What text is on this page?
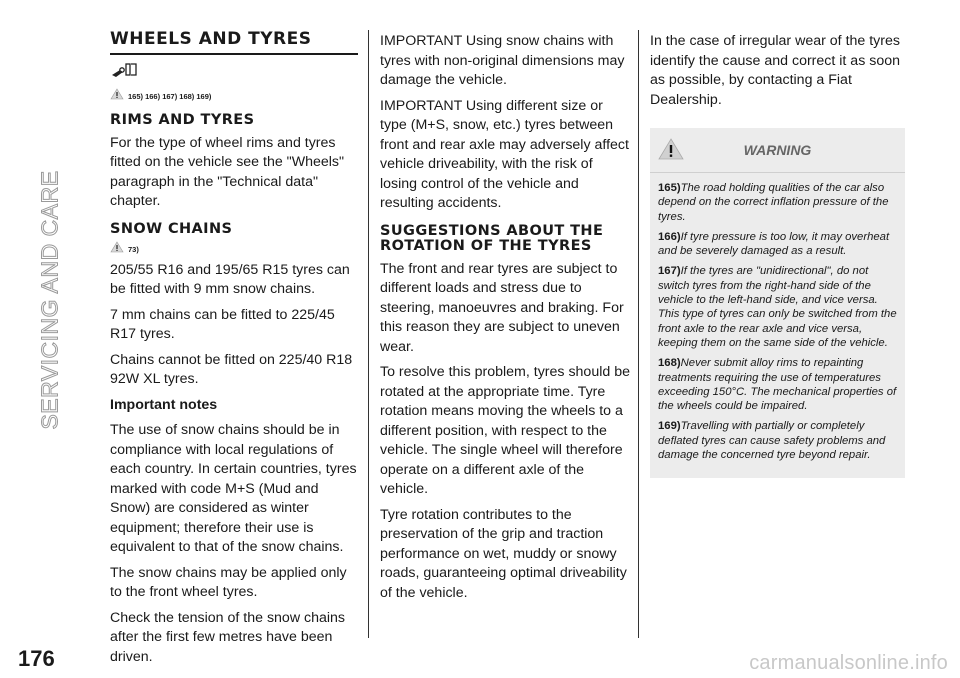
SERVICING AND CARE
176	carmanualsonline.info
WHEELS AND TYRES
165) 166) 167) 168) 169)
RIMS AND TYRES

For the type of wheel rims and tyres fitted on the vehicle see the "Wheels" paragraph in the "Technical data" chapter.

SNOW CHAINS
73)

205/55 R16 and 195/65 R15 tyres can be fitted with 9 mm snow chains.

7 mm chains can be fitted to 225/45 R17 tyres.

Chains cannot be fitted on 225/40 R18 92W XL tyres.

Important notes

The use of snow chains should be in compliance with local regulations of each country. In certain countries, tyres marked with code M+S (Mud and Snow) are considered as winter equipment; therefore their use is equivalent to that of the snow chains.

The snow chains may be applied only to the front wheel tyres.

Check the tension of the snow chains after the first few metres have been driven.

IMPORTANT Using snow chains with tyres with non-original dimensions may damage the vehicle.

IMPORTANT Using different size or type (M+S, snow, etc.) tyres between front and rear axle may adversely affect vehicle driveability, with the risk of losing control of the vehicle and resulting accidents.

SUGGESTIONS ABOUT THE ROTATION OF THE TYRES

The front and rear tyres are subject to different loads and stress due to steering, manoeuvres and braking. For this reason they are subject to uneven wear.

To resolve this problem, tyres should be rotated at the appropriate time. Tyre rotation means moving the wheels to a different position, with respect to the vehicle. The single wheel will therefore operate on a different axle of the vehicle.

Tyre rotation contributes to the preservation of the grip and traction performance on wet, muddy or snowy roads, guaranteeing optimal driveability of the vehicle.

In the case of irregular wear of the tyres identify the cause and correct it as soon as possible, by contacting a Fiat Dealership.

WARNING

165)The road holding qualities of the car also depend on the correct inflation pressure of the tyres.

166)If tyre pressure is too low, it may overheat and be severely damaged as a result.

167)If the tyres are "unidirectional", do not switch tyres from the right-hand side of the vehicle to the left-hand side, and vice versa. This type of tyres can only be switched from the front axle to the rear axle and vice versa, keeping them on the same side of the vehicle.

168)Never submit alloy rims to repainting treatments requiring the use of temperatures exceeding 150°C. The mechanical properties of the wheels could be impaired.

169)Travelling with partially or completely deflated tyres can cause safety problems and damage the concerned tyre beyond repair.
